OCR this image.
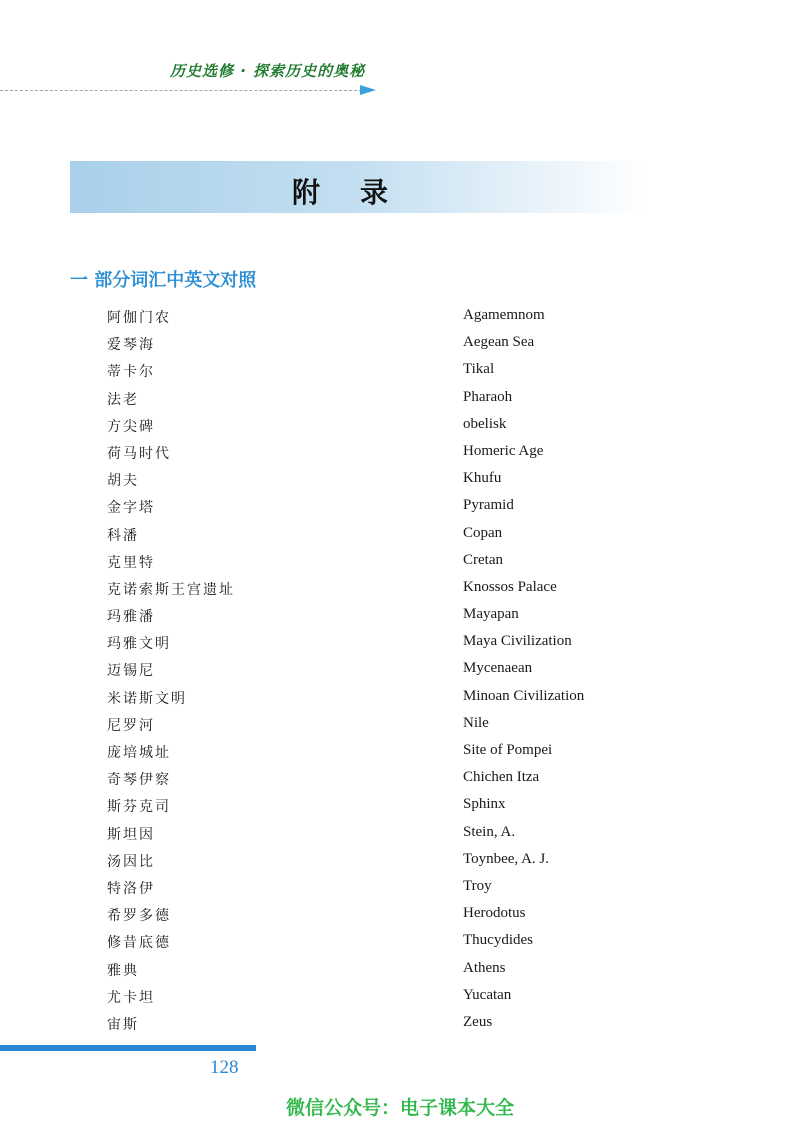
历史选修 · 探索历史的奥秘
附录
一 部分词汇中英文对照
阿伽门农	Agamemnom
爱琴海	Aegean Sea
蒂卡尔	Tikal
法老	Pharaoh
方尖碑	obelisk
荷马时代	Homeric Age
胡夫	Khufu
金字塔	Pyramid
科潘	Copan
克里特	Cretan
克诺索斯王宫遗址	Knossos Palace
玛雅潘	Mayapan
玛雅文明	Maya Civilization
迈锡尼	Mycenaean
米诺斯文明	Minoan Civilization
尼罗河	Nile
庞培城址	Site of Pompei
奇琴伊察	Chichen Itza
斯芬克司	Sphinx
斯坦因	Stein, A.
汤因比	Toynbee, A. J.
特洛伊	Troy
希罗多德	Herodotus
修昔底德	Thucydides
雅典	Athens
尤卡坦	Yucatan
宙斯	Zeus
128
微信公众号：电子课本大全
